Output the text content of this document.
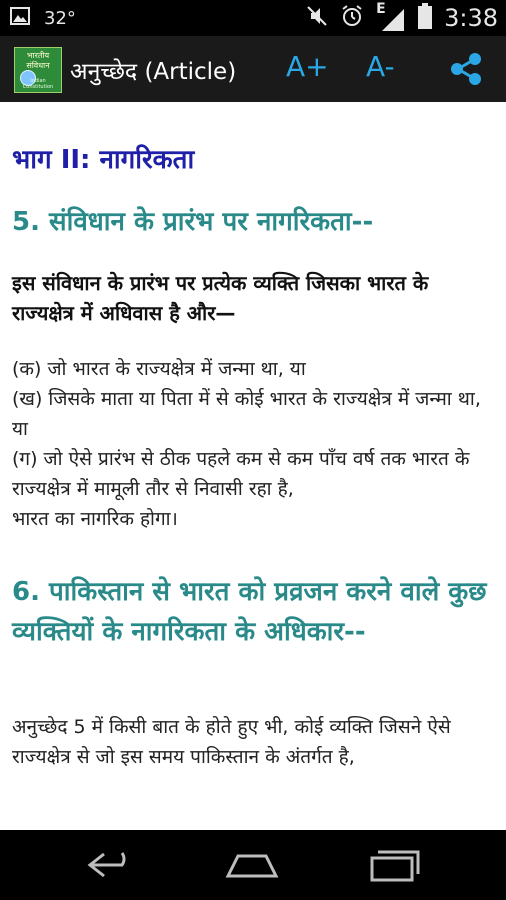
32°	E 3:38
भारतीय
संविधान
Indian Constitution
अनुच्छेद (Article) A+ A-
भाग II: नागरिकता
5. संविधान के प्रारंभ पर नागरिकता--
इस संविधान के प्रारंभ पर प्रत्येक व्यक्ति जिसका भारत के राज्यक्षेत्र में अधिवास है और—
(क) जो भारत के राज्यक्षेत्र में जन्मा था, या
(ख) जिसके माता या पिता में से कोई भारत के राज्यक्षेत्र में जन्मा था, या
(ग) जो ऐसे प्रारंभ से ठीक पहले कम से कम पाँच वर्ष तक भारत के राज्यक्षेत्र में मामूली तौर से निवासी रहा है,
भारत का नागरिक होगा।
6. पाकिस्तान से भारत को प्रव्रजन करने वाले कुछ व्यक्तियों के नागरिकता के अधिकार--
अनुच्छेद 5 में किसी बात के होते हुए भी, कोई व्यक्ति जिसने ऐसे राज्यक्षेत्र से जो इस समय पाकिस्तान के अंतर्गत है,
